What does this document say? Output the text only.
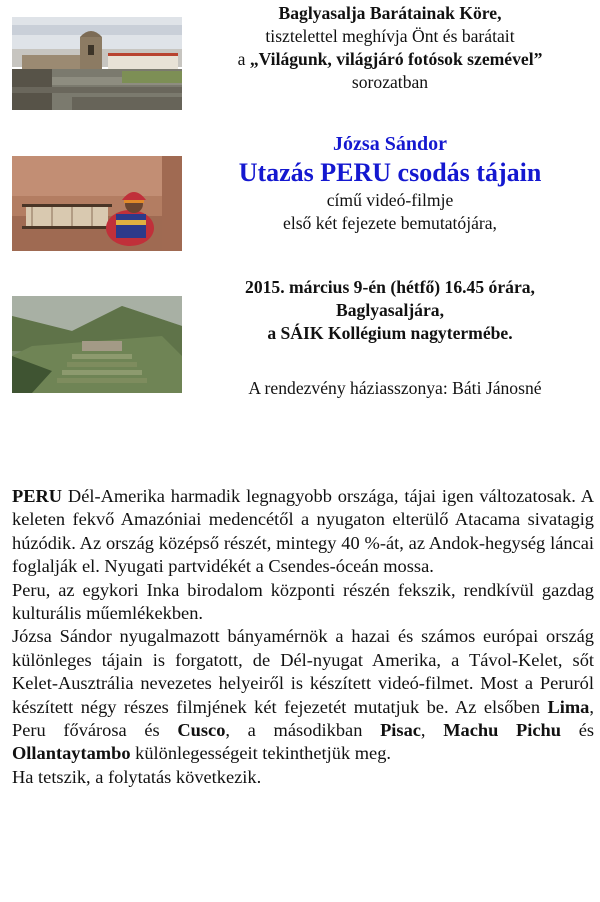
Baglyasalja Barátainak Köre,
tisztelettel meghívja Önt és barátait
a „Világunk, világjáró fotósok szemével”
sorozatban
Józsa Sándor
Utazás PERU csodás tájain
című videó-filmje
első két fejezete bemutatójára,
2015. március 9-én (hétfő) 16.45 órára,
Baglyasaljára,
a SÁIK Kollégium nagytermébe.
A rendezvény háziasszonya: Báti Jánosné

PERU Dél-Amerika harmadik legnagyobb országa, tájai igen változatosak. A keleten fekvő Amazóniai medencétől a nyugaton elterülő Atacama sivatagig húzódik. Az ország középső részét, mintegy 40 %-át, az Andok-hegység láncai foglalják el. Nyugati partvidékét a Csendes-óceán mossa.

Peru, az egykori Inka birodalom központi részén fekszik, rendkívül gazdag kulturális műemlékekben.

Józsa Sándor nyugalmazott bányamérnök a hazai és számos európai ország különleges tájain is forgatott, de Dél-nyugat Amerika, a Távol-Kelet, sőt Kelet-Ausztrália nevezetes helyeiről is készített videó-filmet. Most a Peruról készített négy részes filmjének két fejezetét mutatjuk be. Az elsőben Lima, Peru fővárosa és Cusco, a másodikban Pisac, Machu Pichu és Ollantaytambo különlegességeit tekinthetjük meg.

Ha tetszik, a folytatás következik.
